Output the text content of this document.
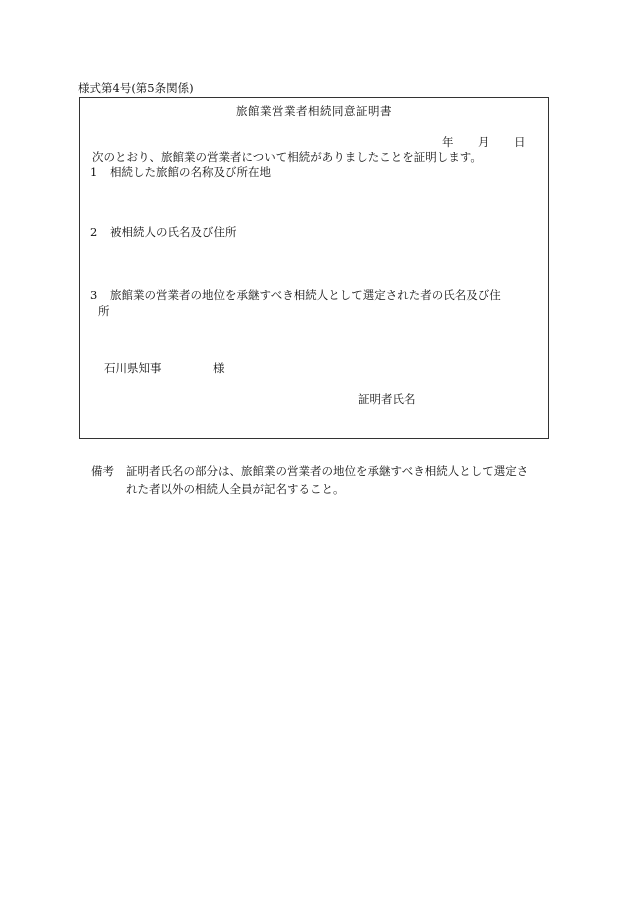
様式第4号(第5条関係)
旅館業営業者相続同意証明書
年 月 日
次のとおり、旅館業の営業者について相続がありましたことを証明します。
1 相続した旅館の名称及び所在地
2 被相続人の氏名及び住所
3 旅館業の営業者の地位を承継すべき相続人として選定された者の氏名及び住
所
石川県知事	様
証明者氏名
備考 証明者氏名の部分は、旅館業の営業者の地位を承継すべき相続人として選定さ
れた者以外の相続人全員が記名すること。
